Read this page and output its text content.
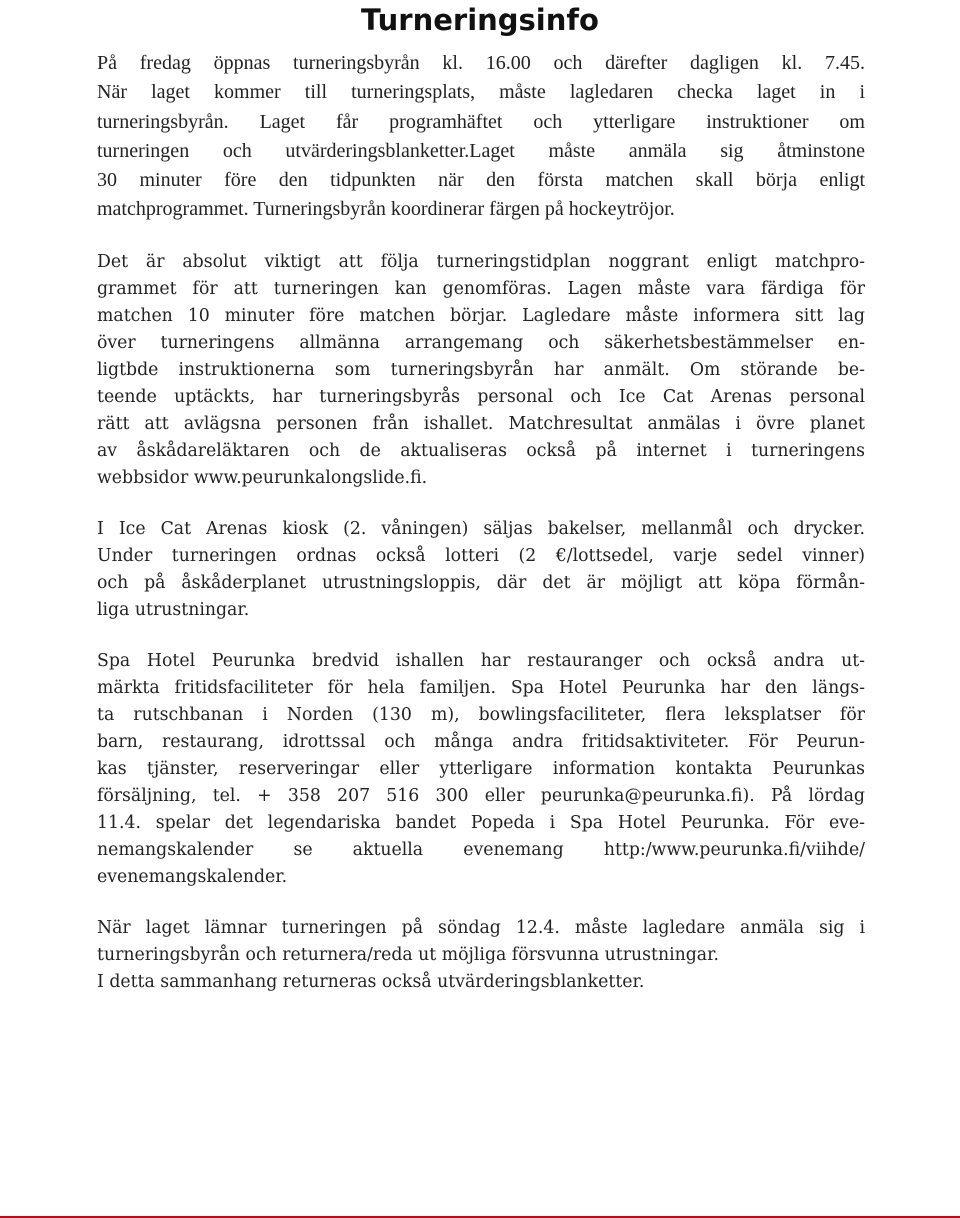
Turneringsinfo
På fredag öppnas turneringsbyrån kl. 16.00 och därefter dagligen kl. 7.45.
När laget kommer till turneringsplats, måste lagledaren checka laget in i
turneringsbyrån. Laget får programhäftet och ytterligare instruktioner om
turneringen och utvärderingsblanketter.Laget måste anmäla sig åtminstone
30 minuter före den tidpunkten när den första matchen skall börja enligt
matchprogrammet. Turneringsbyrån koordinerar färgen på hockeytröjor.
Det är absolut viktigt att följa turneringstidplan noggrant enligt matchpro-
grammet för att turneringen kan genomföras. Lagen måste vara färdiga för
matchen 10 minuter före matchen börjar. Lagledare måste informera sitt lag
över turneringens allmänna arrangemang och säkerhetsbestämmelser en-
ligtbde instruktionerna som turneringsbyrån har anmält. Om störande be-
teende uptäckts, har turneringsbyrås personal och Ice Cat Arenas personal
rätt att avlägsna personen från ishallet. Matchresultat anmälas i övre planet
av åskådareläktaren och de aktualiseras också på internet i turneringens
webbsidor www.peurunkalongslide.fi.
I Ice Cat Arenas kiosk (2. våningen) säljas bakelser, mellanmål och drycker.
Under turneringen ordnas också lotteri (2 €/lottsedel, varje sedel vinner)
och på åskåderplanet utrustningsloppis, där det är möjligt att köpa förmån-
liga utrustningar.
Spa Hotel Peurunka bredvid ishallen har restauranger och också andra ut-
märkta fritidsfaciliteter för hela familjen. Spa Hotel Peurunka har den längs-
ta rutschbanan i Norden (130 m), bowlingsfaciliteter, flera leksplatser för
barn, restaurang, idrottssal och många andra fritidsaktiviteter. För Peurun-
kas tjänster, reserveringar eller ytterligare information kontakta Peurunkas
försäljning, tel. + 358 207 516 300 eller peurunka@peurunka.fi). På lördag
11.4. spelar det legendariska bandet Popeda i Spa Hotel Peurunka. För eve-
nemangskalender se aktuella evenemang http:/www.peurunka.fi/viihde/
evenemangskalender.
När laget lämnar turneringen på söndag 12.4. måste lagledare anmäla sig i
turneringsbyrån och returnera/reda ut möjliga försvunna utrustningar.
I detta sammanhang returneras också utvärderingsblanketter.
